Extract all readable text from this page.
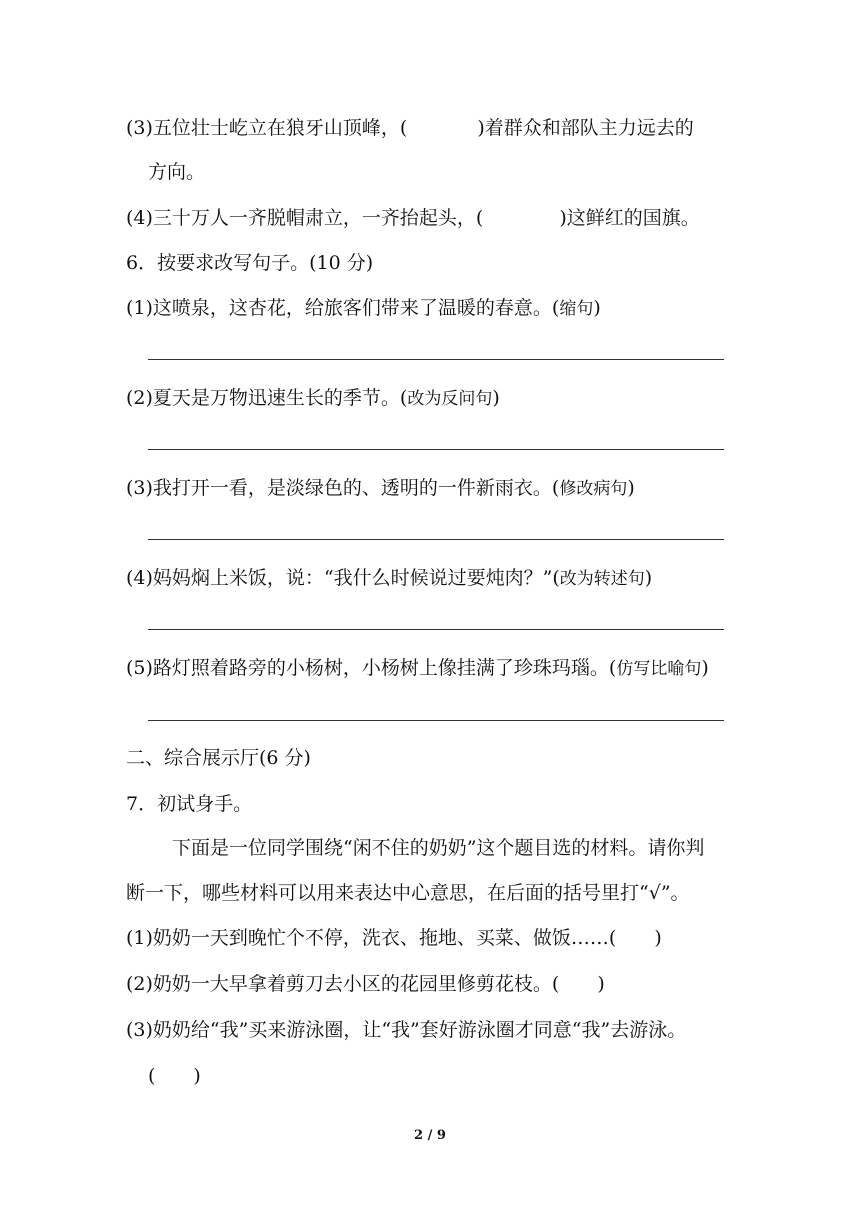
(3)五位壮士屹立在狼牙山顶峰，(	)着群众和部队主力远去的
方向。
(4)三十万人一齐脱帽肃立，一齐抬起头，(	)这鲜红的国旗。
6．按要求改写句子。(10 分)
(1)这喷泉，这杏花，给旅客们带来了温暖的春意。(缩句)
(2)夏天是万物迅速生长的季节。(改为反问句)
(3)我打开一看，是淡绿色的、透明的一件新雨衣。(修改病句)
(4)妈妈焖上米饭，说：“我什么时候说过要炖肉？”(改为转述句)
(5)路灯照着路旁的小杨树，小杨树上像挂满了珍珠玛瑙。(仿写比喻句)
二、综合展示厅(6 分)
7．初试身手。
下面是一位同学围绕“闲不住的奶奶”这个题目选的材料。请你判
断一下，哪些材料可以用来表达中心意思，在后面的括号里打“√”。
(1)奶奶一天到晚忙个不停，洗衣、拖地、买菜、做饭……(　　)
(2)奶奶一大早拿着剪刀去小区的花园里修剪花枝。(　　)
(3)奶奶给“我”买来游泳圈，让“我”套好游泳圈才同意“我”去游泳。
(　　)
2 / 9
